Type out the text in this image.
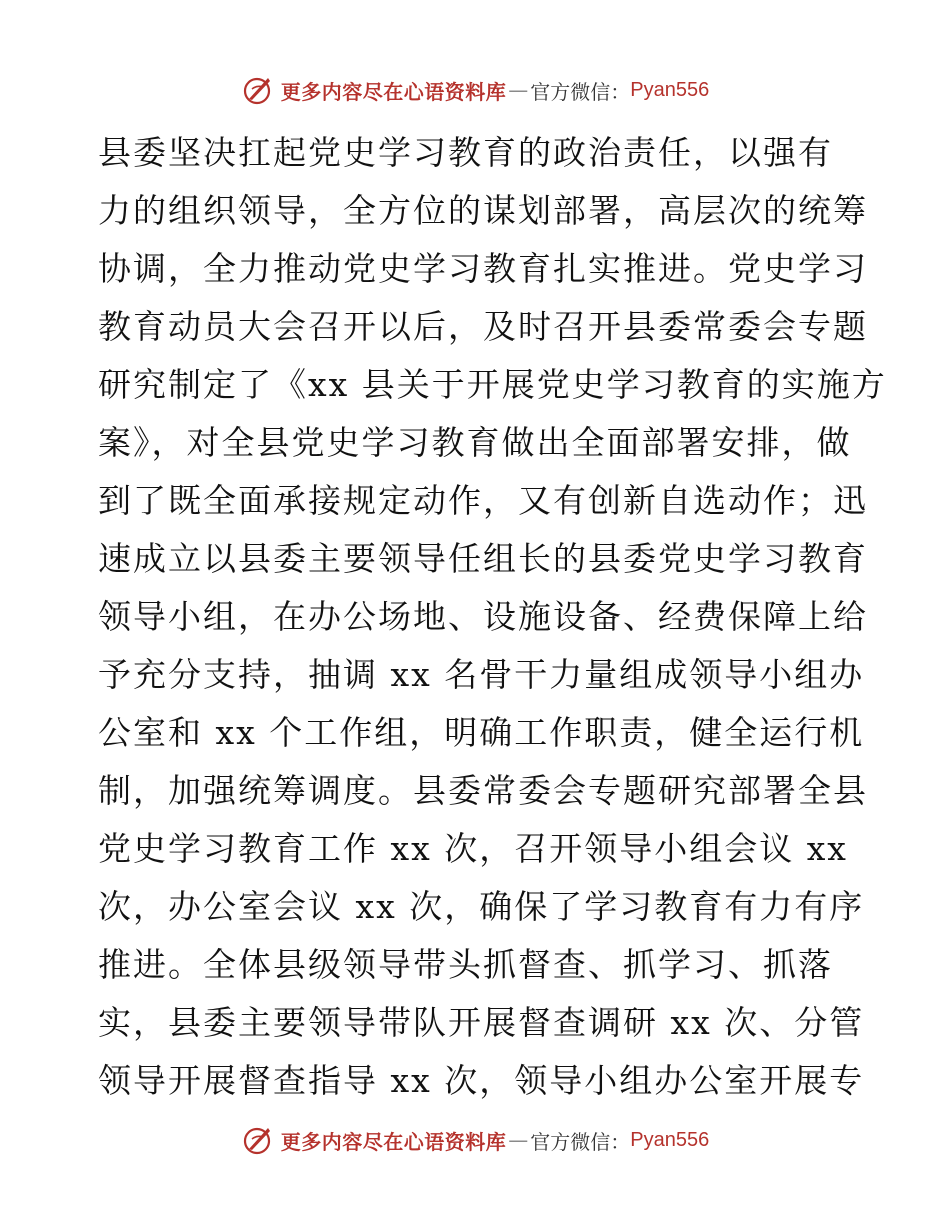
更多内容尽在心语资料库 — 官方微信： Pyan556
县委坚决扛起党史学习教育的政治责任，以强有
力的组织领导，全方位的谋划部署，高层次的统筹
协调，全力推动党史学习教育扎实推进。党史学习
教育动员大会召开以后，及时召开县委常委会专题
研究制定了《xx 县关于开展党史学习教育的实施方
案》，对全县党史学习教育做出全面部署安排，做
到了既全面承接规定动作，又有创新自选动作；迅
速成立以县委主要领导任组长的县委党史学习教育
领导小组，在办公场地、设施设备、经费保障上给
予充分支持，抽调 xx 名骨干力量组成领导小组办
公室和 xx 个工作组，明确工作职责，健全运行机
制，加强统筹调度。县委常委会专题研究部署全县
党史学习教育工作 xx 次，召开领导小组会议 xx
次，办公室会议 xx 次，确保了学习教育有力有序
推进。全体县级领导带头抓督查、抓学习、抓落
实，县委主要领导带队开展督查调研 xx 次、分管
领导开展督查指导 xx 次，领导小组办公室开展专
更多内容尽在心语资料库 — 官方微信： Pyan556
